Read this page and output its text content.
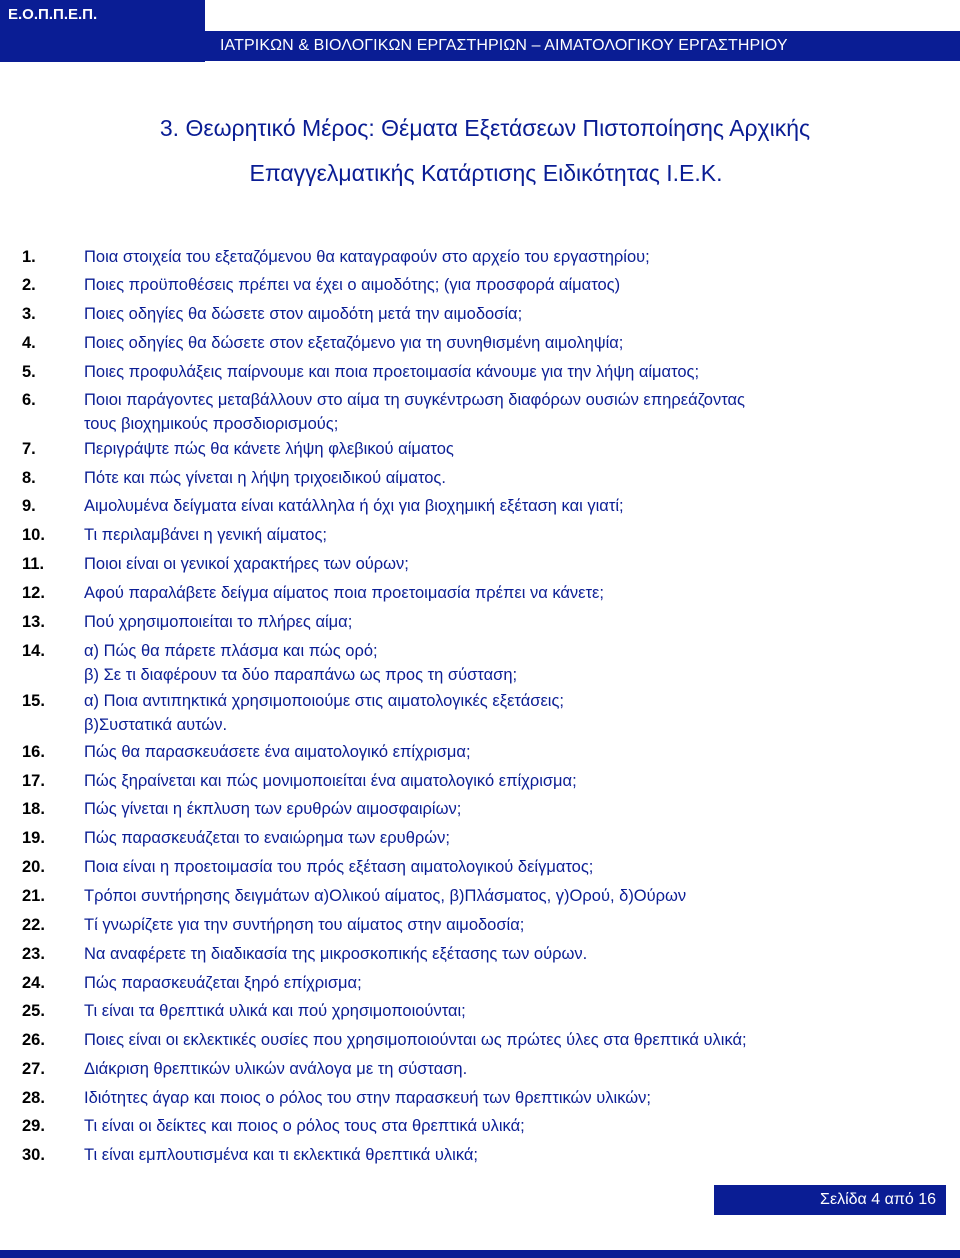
Ε.Ο.Π.Π.Ε.Π.
ΙΑΤΡΙΚΩΝ & ΒΙΟΛΟΓΙΚΩΝ ΕΡΓΑΣΤΗΡΙΩΝ – ΑΙΜΑΤΟΛΟΓΙΚΟΥ ΕΡΓΑΣΤΗΡΙΟΥ
3. Θεωρητικό Μέρος: Θέματα Εξετάσεων Πιστοποίησης Αρχικής
Επαγγελματικής Κατάρτισης Ειδικότητας Ι.Ε.Κ.
1.	Ποια στοιχεία του εξεταζόμενου θα καταγραφούν στο αρχείο του εργαστηρίου;
2.	Ποιες προϋποθέσεις πρέπει να έχει ο αιμοδότης; (για προσφορά αίματος)
3.	Ποιες οδηγίες θα δώσετε στον αιμοδότη μετά την αιμοδοσία;
4.	Ποιες οδηγίες θα δώσετε στον εξεταζόμενο για τη συνηθισμένη αιμοληψία;
5.	Ποιες προφυλάξεις παίρνουμε και ποια προετοιμασία κάνουμε για την λήψη αίματος;
6.	Ποιοι παράγοντες μεταβάλλουν στο αίμα τη συγκέντρωση διαφόρων ουσιών επηρεάζοντας
τους βιοχημικούς προσδιορισμούς;
7.	Περιγράψτε πώς θα κάνετε λήψη φλεβικού αίματος
8.	Πότε και πώς γίνεται η λήψη τριχοειδικού αίματος.
9.	Αιμολυμένα δείγματα είναι κατάλληλα ή όχι για βιοχημική εξέταση και γιατί;
10. Τι περιλαμβάνει η γενική αίματος;
11. Ποιοι είναι οι γενικοί χαρακτήρες των ούρων;
12. Αφού παραλάβετε δείγμα αίματος ποια προετοιμασία πρέπει να κάνετε;
13. Πού χρησιμοποιείται το πλήρες αίμα;
14. α) Πώς θα πάρετε πλάσμα και πώς ορό;
β) Σε τι διαφέρουν τα δύο παραπάνω ως προς τη σύσταση;
15. α) Ποια αντιπηκτικά χρησιμοποιούμε στις αιματολογικές εξετάσεις;
β)Συστατικά αυτών.
16. Πώς θα παρασκευάσετε ένα αιματολογικό επίχρισμα;
17. Πώς ξηραίνεται και πώς μονιμοποιείται ένα αιματολογικό επίχρισμα;
18. Πώς γίνεται η έκπλυση των ερυθρών αιμοσφαιρίων;
19. Πώς παρασκευάζεται το εναιώρημα των ερυθρών;
20. Ποια είναι η προετοιμασία του πρός εξέταση αιματολογικού δείγματος;
21. Τρόποι συντήρησης δειγμάτων α)Ολικού αίματος, β)Πλάσματος, γ)Ορού, δ)Ούρων
22. Τί γνωρίζετε για την συντήρηση του αίματος στην αιμοδοσία;
23. Να αναφέρετε τη διαδικασία της μικροσκοπικής εξέτασης των ούρων.
24. Πώς παρασκευάζεται ξηρό επίχρισμα;
25. Τι είναι τα θρεπτικά υλικά και πού χρησιμοποιούνται;
26. Ποιες είναι οι εκλεκτικές ουσίες που χρησιμοποιούνται ως πρώτες ύλες στα θρεπτικά υλικά;
27. Διάκριση θρεπτικών υλικών ανάλογα με τη σύσταση.
28. Ιδιότητες άγαρ και ποιος ο ρόλος του στην παρασκευή των θρεπτικών υλικών;
29. Τι είναι οι δείκτες και ποιος ο ρόλος τους στα θρεπτικά υλικά;
30. Τι είναι εμπλουτισμένα και τι εκλεκτικά θρεπτικά υλικά;
Σελίδα 4 από 16
